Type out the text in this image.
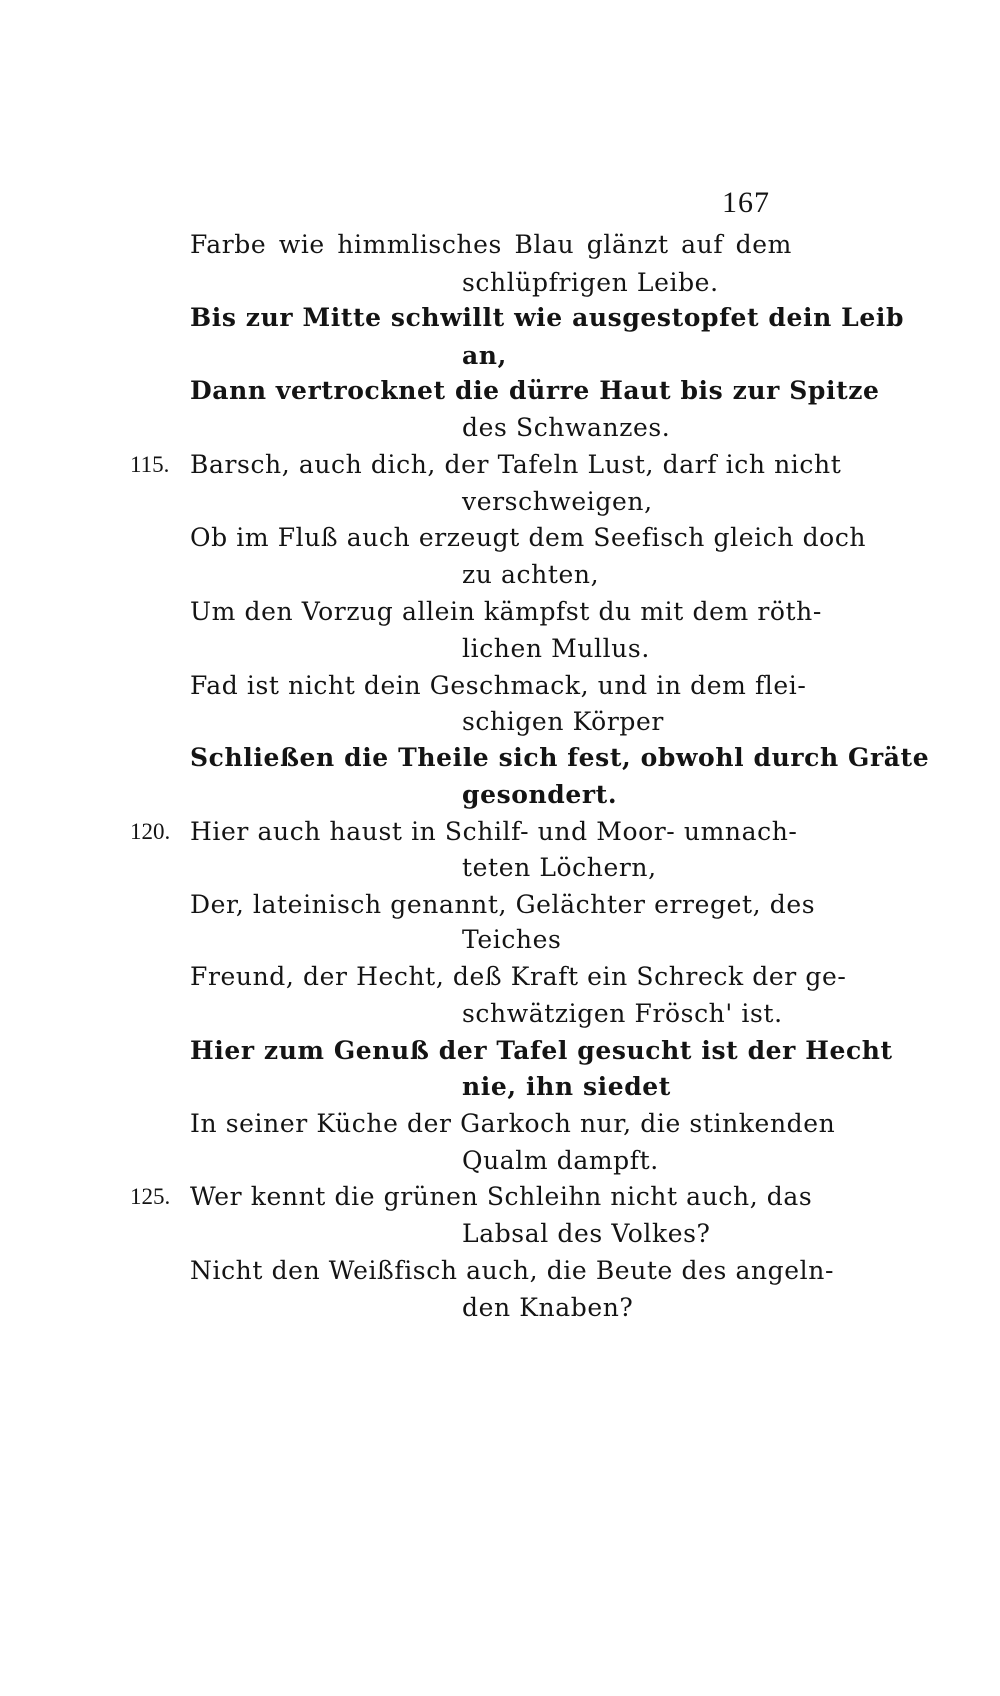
167
Farbe wie himmlisches Blau glänzt auf dem
schlüpfrigen Leibe.
Bis zur Mitte schwillt wie ausgestopfet dein Leib
an,
Dann vertrocknet die dürre Haut bis zur Spitze
des Schwanzes.
115. Barsch, auch dich, der Tafeln Lust, darf ich nicht
verschweigen,
Ob im Fluß auch erzeugt dem Seefisch gleich doch
zu achten,
Um den Vorzug allein kämpfst du mit dem röth-
lichen Mullus.
Fad ist nicht dein Geschmack, und in dem flei-
schigen Körper
Schließen die Theile sich fest, obwohl durch Gräte
gesondert.
120. Hier auch haust in Schilf- und Moor- umnach-
teten Löchern,
Der, lateinisch genannt, Gelächter erreget, des
Teiches
Freund, der Hecht, deß Kraft ein Schreck der ge-
schwätzigen Frösch' ist.
Hier zum Genuß der Tafel gesucht ist der Hecht
nie, ihn siedet
In seiner Küche der Garkoch nur, die stinkenden
Qualm dampft.
125. Wer kennt die grünen Schleihn nicht auch, das
Labsal des Volkes?
Nicht den Weißfisch auch, die Beute des angeln-
den Knaben?
